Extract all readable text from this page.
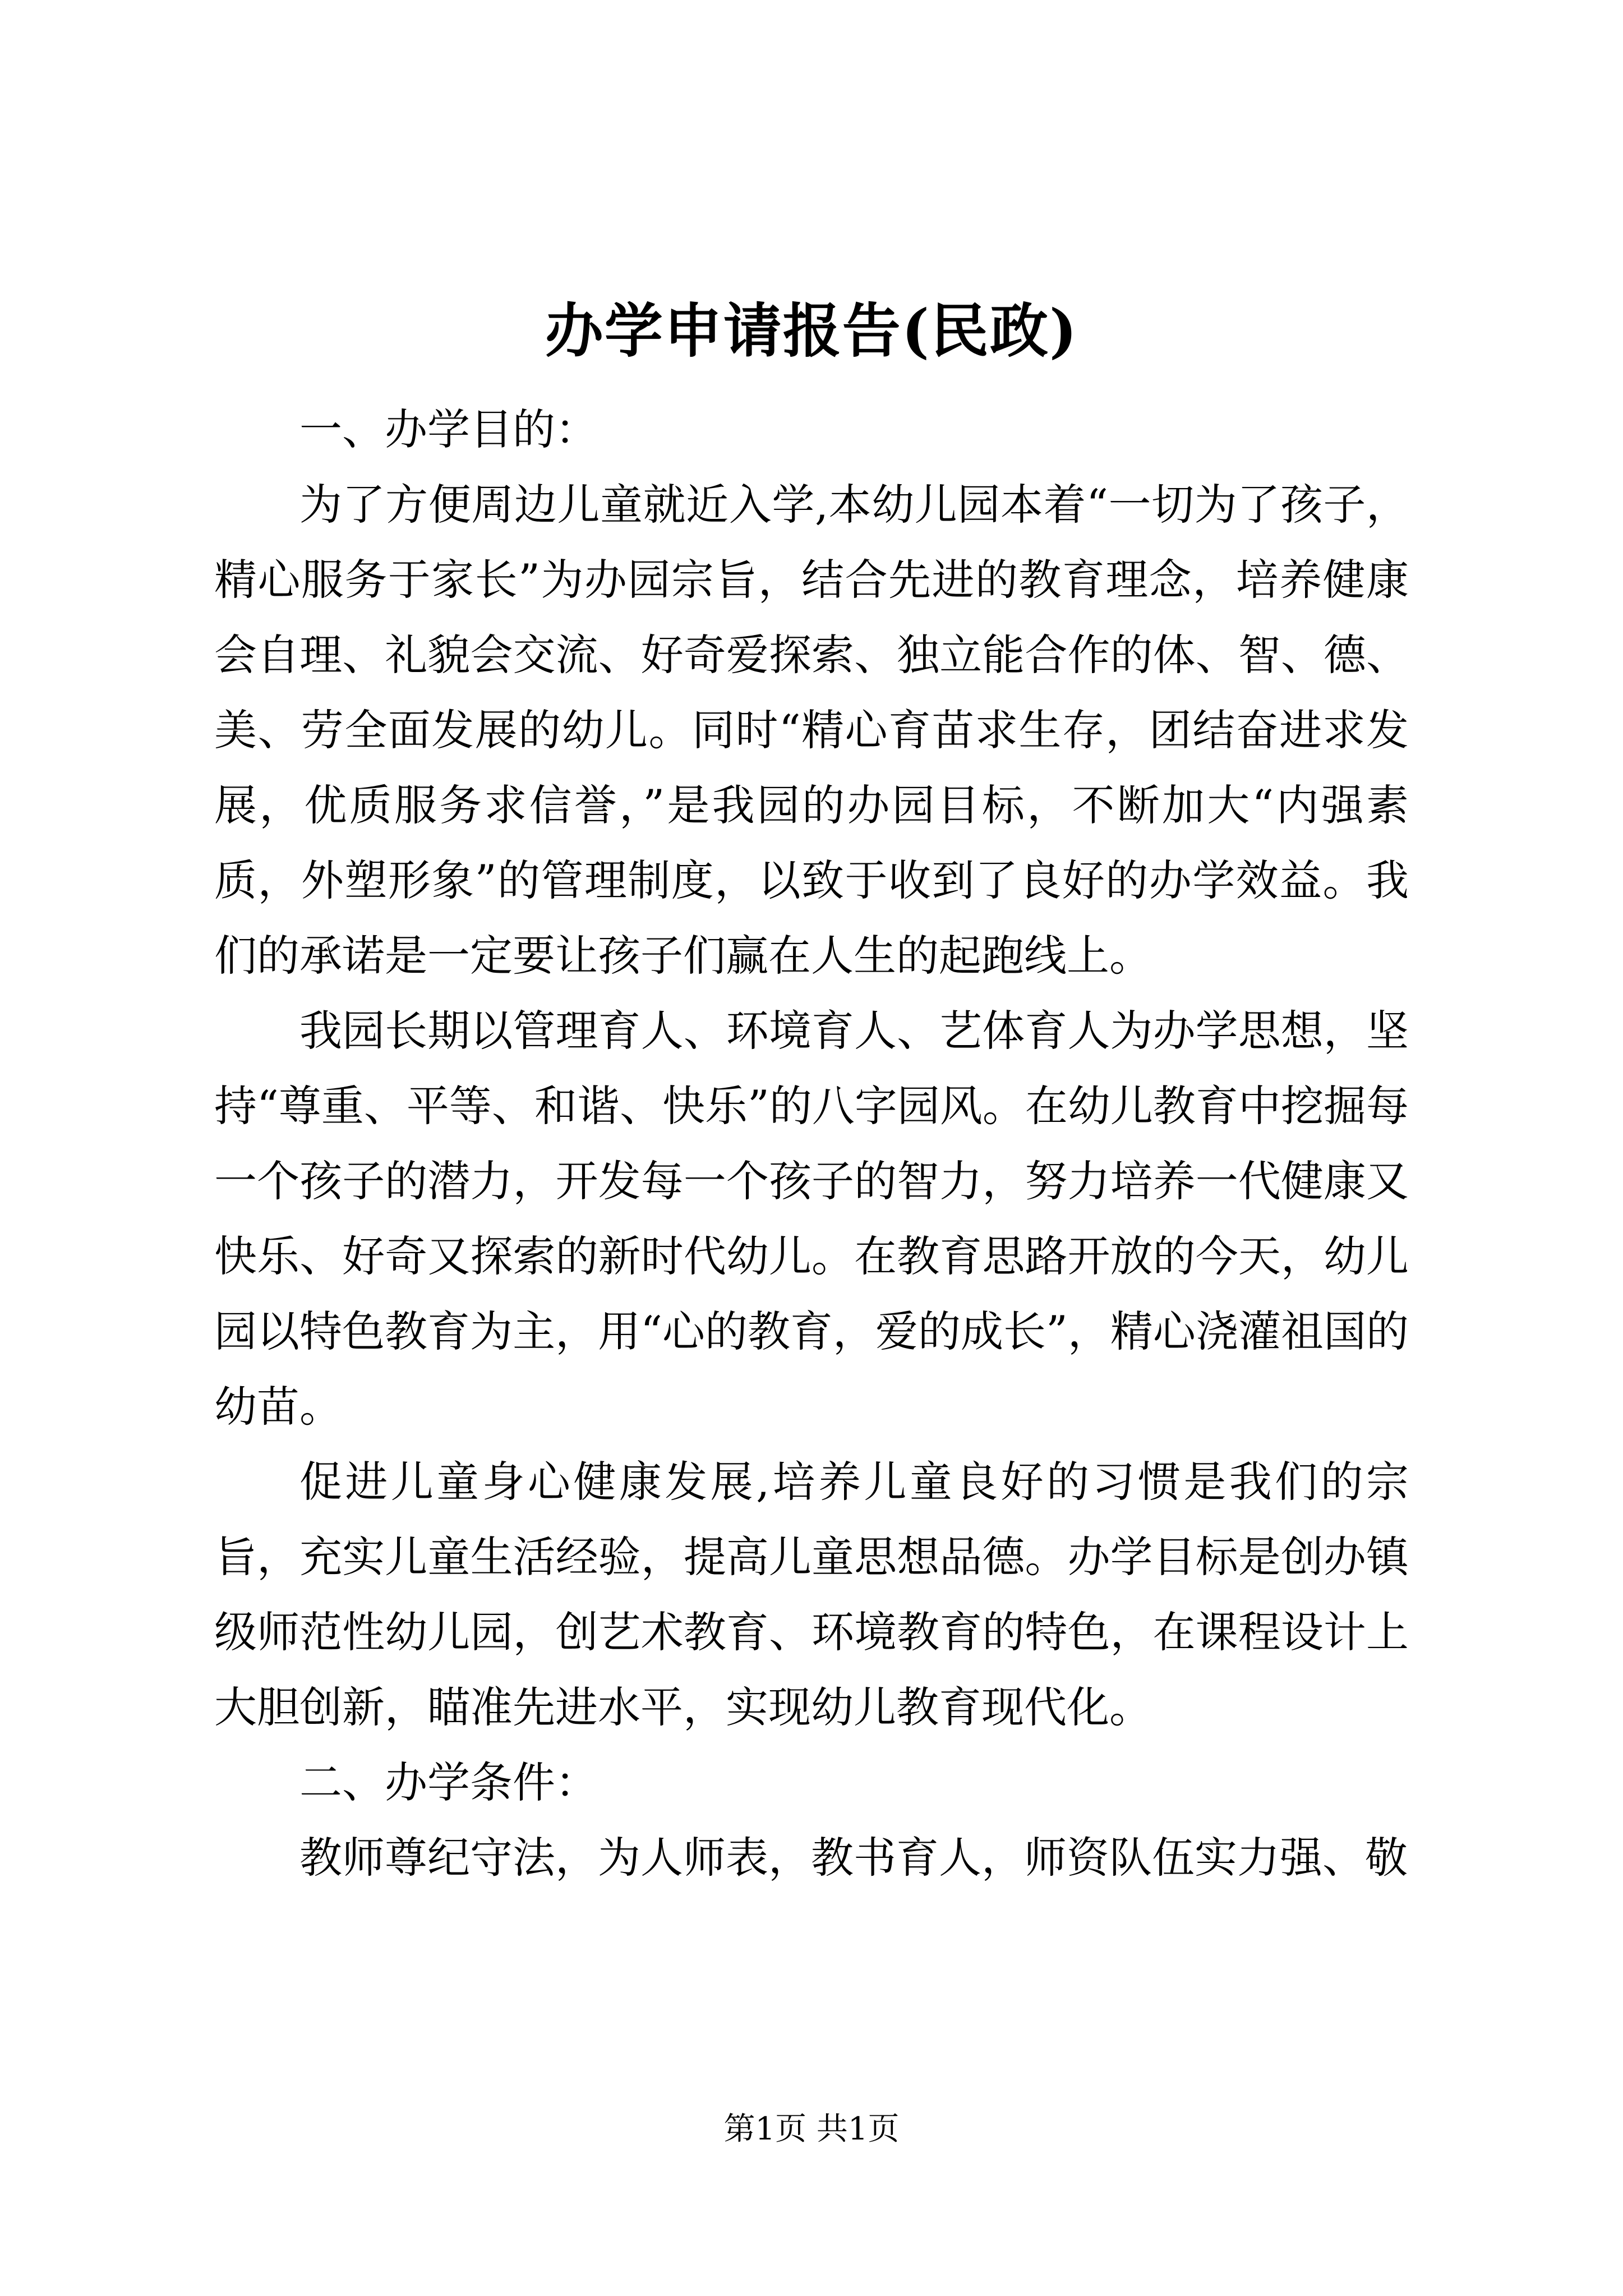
办学申请报告(民政)

一、办学目的：

为了方便周边儿童就近入学,本幼儿园本着“一切为了孩子，精心服务于家长”为办园宗旨，结合先进的教育理念，培养健康会自理、礼貌会交流、好奇爱探索、独立能合作的体、智、德、美、劳全面发展的幼儿。同时“精心育苗求生存，团结奋进求发展，优质服务求信誉，”是我园的办园目标，不断加大“内强素质，外塑形象”的管理制度，以致于收到了良好的办学效益。我们的承诺是一定要让孩子们赢在人生的起跑线上。

我园长期以管理育人、环境育人、艺体育人为办学思想，坚持“尊重、平等、和谐、快乐”的八字园风。在幼儿教育中挖掘每一个孩子的潜力，开发每一个孩子的智力，努力培养一代健康又快乐、好奇又探索的新时代幼儿。在教育思路开放的今天，幼儿园以特色教育为主，用“心的教育，爱的成长”，精心浇灌祖国的幼苗。

促进儿童身心健康发展,培养儿童良好的习惯是我们的宗旨，充实儿童生活经验，提高儿童思想品德。办学目标是创办镇级师范性幼儿园，创艺术教育、环境教育的特色，在课程设计上大胆创新，瞄准先进水平，实现幼儿教育现代化。

二、办学条件：

教师尊纪守法，为人师表，教书育人，师资队伍实力强、敬

第1页 共1页
